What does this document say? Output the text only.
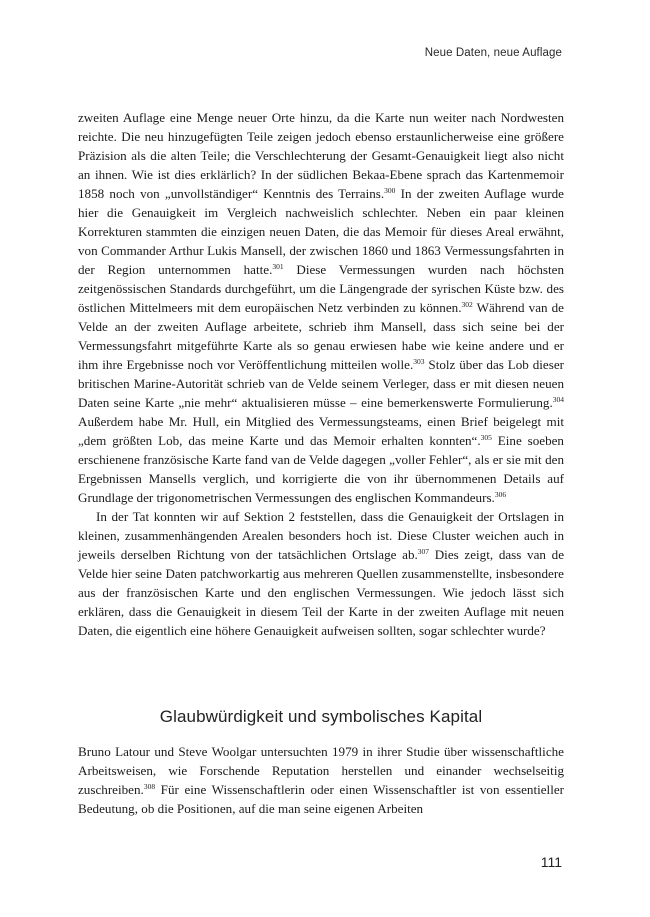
Neue Daten, neue Auflage

zweiten Auflage eine Menge neuer Orte hinzu, da die Karte nun weiter nach Nordwesten reichte. Die neu hinzugefügten Teile zeigen jedoch ebenso erstaunlicherweise eine größere Präzision als die alten Teile; die Verschlechterung der Gesamt-Genauigkeit liegt also nicht an ihnen. Wie ist dies erklärlich? In der südlichen Bekaa-Ebene sprach das Kartenmemoir 1858 noch von „unvollständiger“ Kenntnis des Terrains.$^{300}$ In der zweiten Auflage wurde hier die Genauigkeit im Vergleich nachweislich schlechter. Neben ein paar kleinen Korrekturen stammten die einzigen neuen Daten, die das Memoir für dieses Areal erwähnt, von Commander Arthur Lukis Mansell, der zwischen 1860 und 1863 Vermessungsfahrten in der Region unternommen hatte.$^{301}$ Diese Vermessungen wurden nach höchsten zeitgenössischen Standards durchgeführt, um die Längengrade der syrischen Küste bzw. des östlichen Mittelmeers mit dem europäischen Netz verbinden zu können.$^{302}$ Während van de Velde an der zweiten Auflage arbeitete, schrieb ihm Mansell, dass sich seine bei der Vermessungsfahrt mitgeführte Karte als so genau erwiesen habe wie keine andere und er ihm ihre Ergebnisse noch vor Veröffentlichung mitteilen wolle.$^{303}$ Stolz über das Lob dieser britischen Marine-Autorität schrieb van de Velde seinem Verleger, dass er mit diesen neuen Daten seine Karte „nie mehr“ aktualisieren müsse – eine bemerkenswerte Formulierung.$^{304}$ Außerdem habe Mr. Hull, ein Mitglied des Vermessungsteams, einen Brief beigelegt mit „dem größten Lob, das meine Karte und das Memoir erhalten konnten“.$^{305}$ Eine soeben erschienene französische Karte fand van de Velde dagegen „voller Fehler“, als er sie mit den Ergebnissen Mansells verglich, und korrigierte die von ihr übernommenen Details auf Grundlage der trigonometrischen Vermessungen des englischen Kommandeurs.$^{306}$

In der Tat konnten wir auf Sektion 2 feststellen, dass die Genauigkeit der Ortslagen in kleinen, zusammenhängenden Arealen besonders hoch ist. Diese Cluster weichen auch in jeweils derselben Richtung von der tatsächlichen Ortslage ab.$^{307}$ Dies zeigt, dass van de Velde hier seine Daten patchworkartig aus mehreren Quellen zusammenstellte, insbesondere aus der französischen Karte und den englischen Vermessungen. Wie jedoch lässt sich erklären, dass die Genauigkeit in diesem Teil der Karte in der zweiten Auflage mit neuen Daten, die eigentlich eine höhere Genauigkeit aufweisen sollten, sogar schlechter wurde?

Glaubwürdigkeit und symbolisches Kapital

Bruno Latour und Steve Woolgar untersuchten 1979 in ihrer Studie über wissenschaftliche Arbeitsweisen, wie Forschende Reputation herstellen und einander wechselseitig zuschreiben.$^{308}$ Für eine Wissenschaftlerin oder einen Wissenschaftler ist von essentieller Bedeutung, ob die Positionen, auf die man seine eigenen Arbeiten

111
